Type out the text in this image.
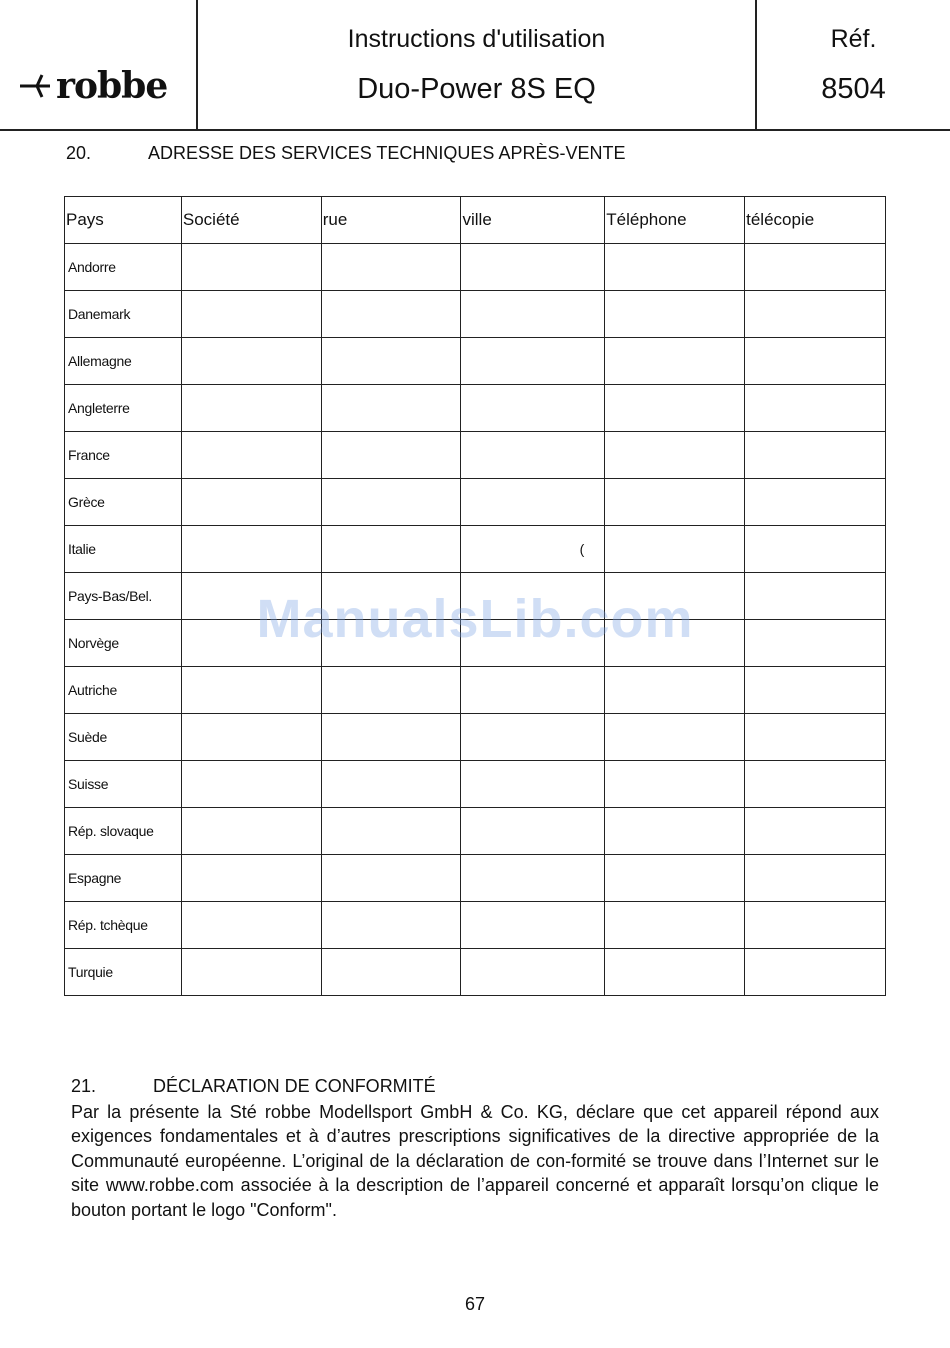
robbe
Instructions d'utilisation
Duo-Power 8S EQ
Réf.
8504
20.	ADRESSE DES SERVICES TECHNIQUES APRÈS-VENTE
Pays	Société	rue	ville	Téléphone	télécopie
Andorre					
Danemark					
Allemagne					
Angleterre					
France					
Grèce					
Italie			(		
Pays-Bas/Bel.					
Norvège					
Autriche					
Suède					
Suisse					
Rép. slovaque					
Espagne					
Rép. tchèque					
Turquie					
ManualsLib.com
21.	DÉCLARATION DE CONFORMITÉ
Par la présente la Sté robbe Modellsport GmbH & Co. KG, déclare que cet appareil répond aux exigences fondamentales et à d’autres prescriptions significatives de la directive appropriée de la Communauté européenne. L’original de la déclaration de con-formité se trouve dans l’Internet sur le site www.robbe.com associée à la description de l’appareil concerné et apparaît lorsqu’on clique le bouton portant le logo "Conform".
67
